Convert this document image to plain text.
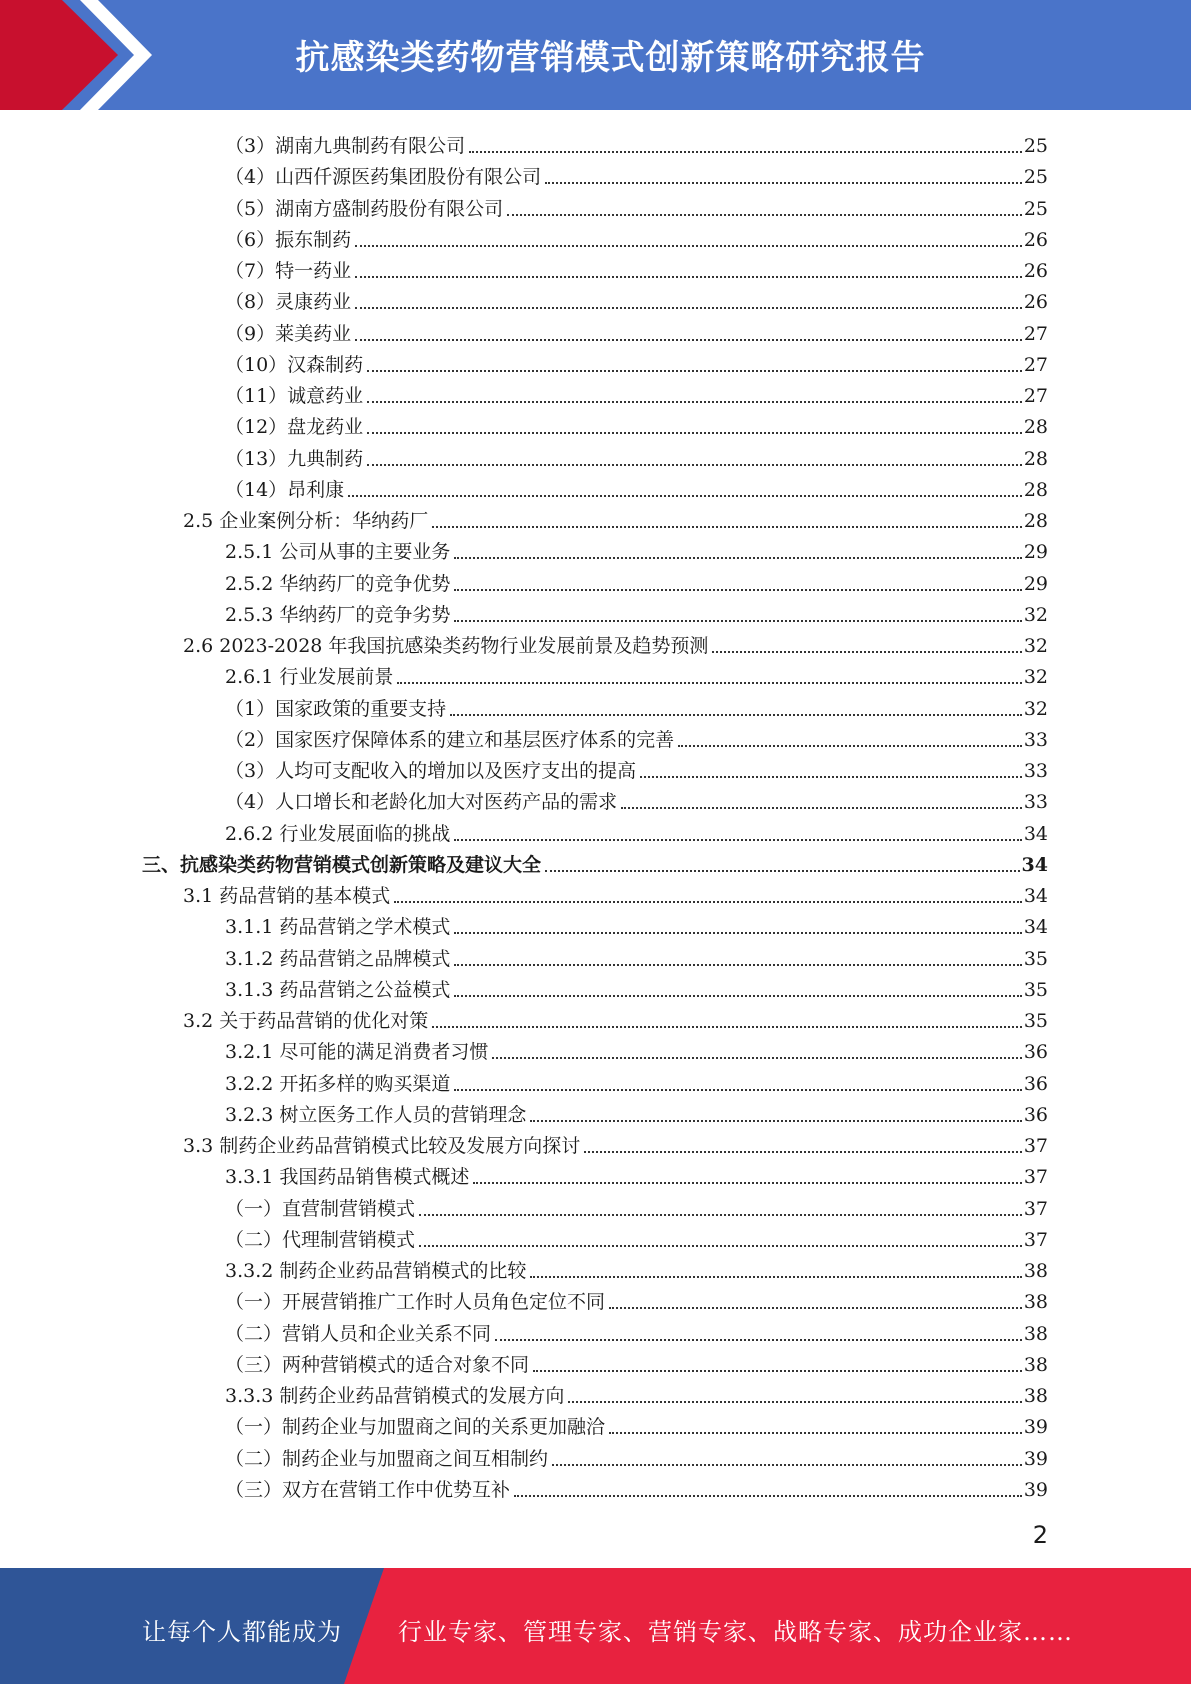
抗感染类药物营销模式创新策略研究报告
（3）湖南九典制药有限公司	25
（4）山西仟源医药集团股份有限公司	25
（5）湖南方盛制药股份有限公司	25
（6）振东制药	26
（7）特一药业	26
（8）灵康药业	26
（9）莱美药业	27
（10）汉森制药	27
（11）诚意药业	27
（12）盘龙药业	28
（13）九典制药	28
（14）昂利康	28
2.5 企业案例分析：华纳药厂	28
2.5.1 公司从事的主要业务	29
2.5.2 华纳药厂的竞争优势	29
2.5.3 华纳药厂的竞争劣势	32
2.6 2023-2028 年我国抗感染类药物行业发展前景及趋势预测	32
2.6.1 行业发展前景	32
（1）国家政策的重要支持	32
（2）国家医疗保障体系的建立和基层医疗体系的完善	33
（3）人均可支配收入的增加以及医疗支出的提高	33
（4）人口增长和老龄化加大对医药产品的需求	33
2.6.2 行业发展面临的挑战	34
三、抗感染类药物营销模式创新策略及建议大全	34
3.1 药品营销的基本模式	34
3.1.1 药品营销之学术模式	34
3.1.2 药品营销之品牌模式	35
3.1.3 药品营销之公益模式	35
3.2 关于药品营销的优化对策	35
3.2.1 尽可能的满足消费者习惯	36
3.2.2 开拓多样的购买渠道	36
3.2.3 树立医务工作人员的营销理念	36
3.3 制药企业药品营销模式比较及发展方向探讨	37
3.3.1 我国药品销售模式概述	37
（一）直营制营销模式	37
（二）代理制营销模式	37
3.3.2 制药企业药品营销模式的比较	38
（一）开展营销推广工作时人员角色定位不同	38
（二）营销人员和企业关系不同	38
（三）两种营销模式的适合对象不同	38
3.3.3 制药企业药品营销模式的发展方向	38
（一）制药企业与加盟商之间的关系更加融洽	39
（二）制药企业与加盟商之间互相制约	39
（三）双方在营销工作中优势互补	39
2
让每个人都能成为 行业专家、管理专家、营销专家、战略专家、成功企业家……
